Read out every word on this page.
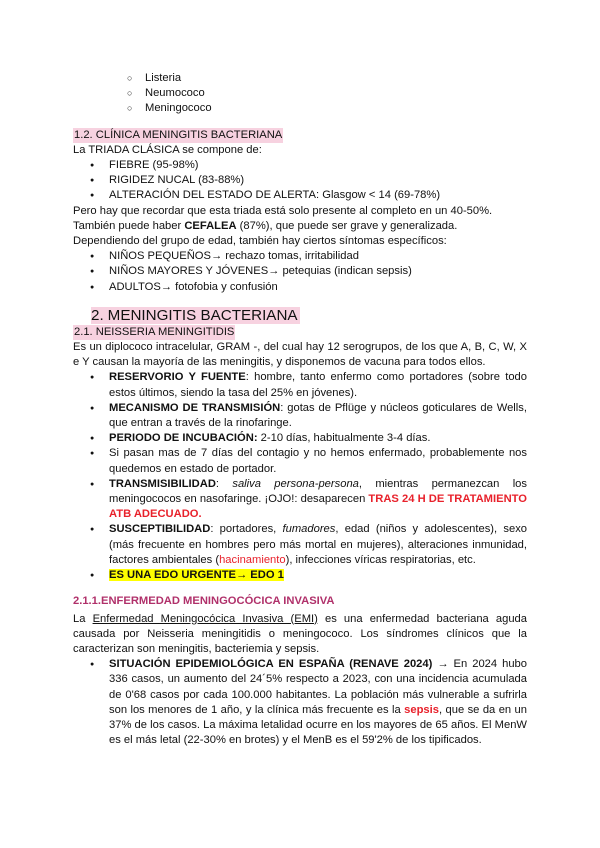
○ Listeria
○ Neumococo
○ Meningococo
1.2. CLÍNICA MENINGITIS BACTERIANA

La TRIADA CLÁSICA se compone de:

● FIEBRE (95-98%)
● RIGIDEZ NUCAL (83-88%)
● ALTERACIÓN DEL ESTADO DE ALERTA: Glasgow < 14 (69-78%)

Pero hay que recordar que esta triada está solo presente al completo en un 40-50%.

También puede haber CEFALEA (87%), que puede ser grave y generalizada.

Dependiendo del grupo de edad, también hay ciertos síntomas específicos:

● NIÑOS PEQUEÑOS→ rechazo tomas, irritabilidad
● NIÑOS MAYORES Y JÓVENES→ petequias (indican sepsis)
● ADULTOS→ fotofobia y confusión
2. MENINGITIS BACTERIANA
2.1. NEISSERIA MENINGITIDIS

Es un diplococo intracelular, GRAM -, del cual hay 12 serogrupos, de los que A, B, C, W, X e Y causan la mayoría de las meningitis, y disponemos de vacuna para todos ellos.

● RESERVORIO Y FUENTE: hombre, tanto enfermo como portadores (sobre todo estos últimos, siendo la tasa del 25% en jóvenes).
● MECANISMO DE TRANSMISIÓN: gotas de Pflüge y núcleos goticulares de Wells, que entran a través de la rinofaringe.
● PERIODO DE INCUBACIÓN: 2-10 días, habitualmente 3-4 días.
● Si pasan mas de 7 días del contagio y no hemos enfermado, probablemente nos quedemos en estado de portador.
● TRANSMISIBILIDAD: saliva persona-persona, mientras permanezcan los meningococos en nasofaringe. ¡OJO!: desaparecen TRAS 24 H DE TRATAMIENTO ATB ADECUADO.
● SUSCEPTIBILIDAD: portadores, fumadores, edad (niños y adolescentes), sexo (más frecuente en hombres pero más mortal en mujeres), alteraciones inmunidad, factores ambientales (hacinamiento), infecciones víricas respiratorias, etc.
● ES UNA EDO URGENTE→ EDO 1
2.1.1.ENFERMEDAD MENINGOCÓCICA INVASIVA

La Enfermedad Meningocócica Invasiva (EMI) es una enfermedad bacteriana aguda causada por Neisseria meningitidis o meningococo. Los síndromes clínicos que la caracterizan son meningitis, bacteriemia y sepsis.

● SITUACIÓN EPIDEMIOLÓGICA EN ESPAÑA (RENAVE 2024) → En 2024 hubo 336 casos, un aumento del 24´5% respecto a 2023, con una incidencia acumulada de 0'68 casos por cada 100.000 habitantes. La población más vulnerable a sufrirla son los menores de 1 año, y la clínica más frecuente es la sepsis, que se da en un 37% de los casos. La máxima letalidad ocurre en los mayores de 65 años. El MenW es el más letal (22-30% en brotes) y el MenB es el 59'2% de los tipificados.
